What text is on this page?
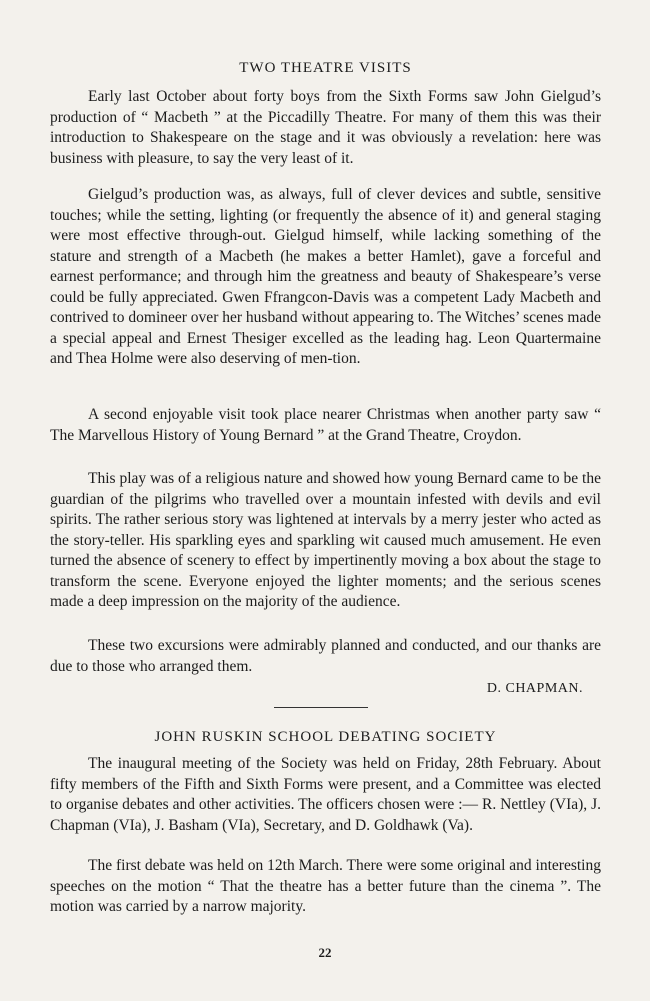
TWO THEATRE VISITS

Early last October about forty boys from the Sixth Forms saw John Gielgud’s production of “ Macbeth ” at the Piccadilly Theatre. For many of them this was their introduction to Shakespeare on the stage and it was obviously a revelation: here was business with pleasure, to say the very least of it.

Gielgud’s production was, as always, full of clever devices and subtle, sensitive touches; while the setting, lighting (or frequently the absence of it) and general staging were most effective through-out. Gielgud himself, while lacking something of the stature and strength of a Macbeth (he makes a better Hamlet), gave a forceful and earnest performance; and through him the greatness and beauty of Shakespeare’s verse could be fully appreciated. Gwen Ffrangcon-Davis was a competent Lady Macbeth and contrived to domineer over her husband without appearing to. The Witches’ scenes made a special appeal and Ernest Thesiger excelled as the leading hag. Leon Quartermaine and Thea Holme were also deserving of men-tion.

A second enjoyable visit took place nearer Christmas when another party saw “ The Marvellous History of Young Bernard ” at the Grand Theatre, Croydon.

This play was of a religious nature and showed how young Bernard came to be the guardian of the pilgrims who travelled over a mountain infested with devils and evil spirits. The rather serious story was lightened at intervals by a merry jester who acted as the story-teller. His sparkling eyes and sparkling wit caused much amusement. He even turned the absence of scenery to effect by impertinently moving a box about the stage to transform the scene. Everyone enjoyed the lighter moments; and the serious scenes made a deep impression on the majority of the audience.

These two excursions were admirably planned and conducted, and our thanks are due to those who arranged them.

D. CHAPMAN.
JOHN RUSKIN SCHOOL DEBATING SOCIETY

The inaugural meeting of the Society was held on Friday, 28th February. About fifty members of the Fifth and Sixth Forms were present, and a Committee was elected to organise debates and other activities. The officers chosen were :— R. Nettley (VIa), J. Chapman (VIa), J. Basham (VIa), Secretary, and D. Goldhawk (Va).

The first debate was held on 12th March. There were some original and interesting speeches on the motion “ That the theatre has a better future than the cinema ”. The motion was carried by a narrow majority.

22
